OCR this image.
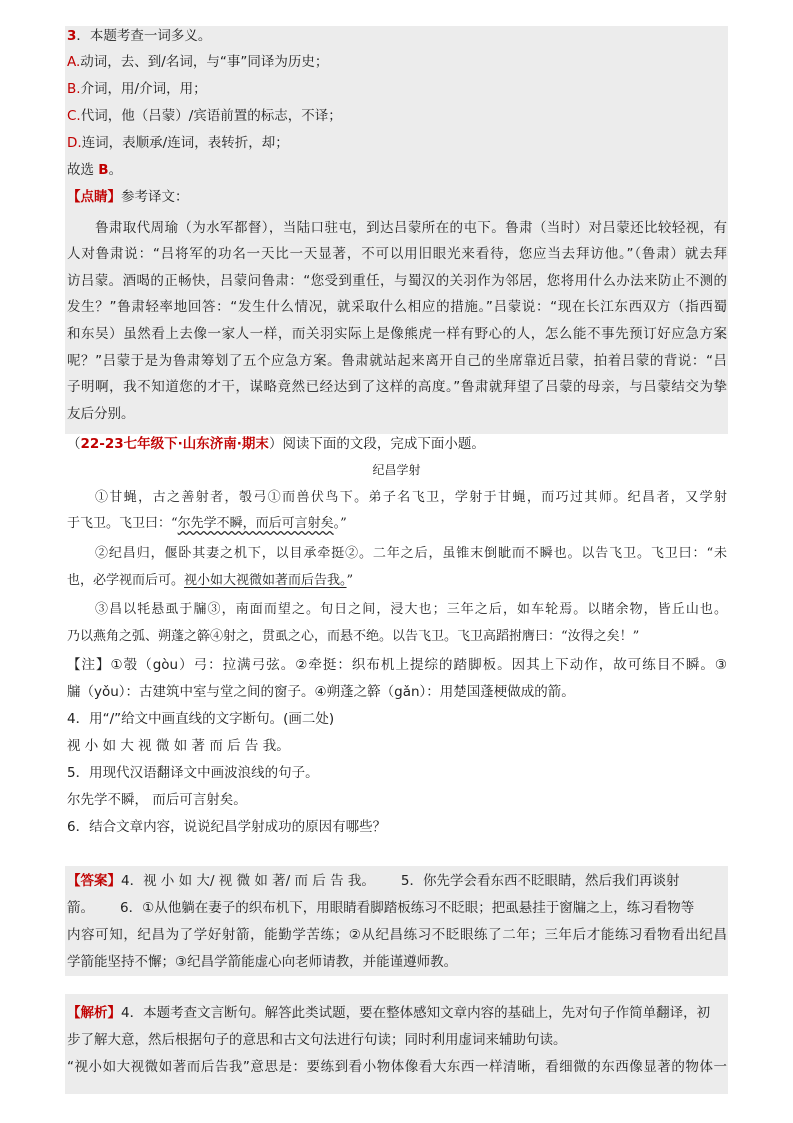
3．本题考查一词多义。
A.动词，去、到/名词，与“事”同译为历史；
B.介词，用/介词，用；
C.代词，他（吕蒙）/宾语前置的标志，不译；
D.连词，表顺承/连词，表转折，却；
故选 B。
【点睛】参考译文：
鲁肃取代周瑜（为水军都督），当陆口驻屯，到达吕蒙所在的屯下。鲁肃（当时）对吕蒙还比较轻视，有
人对鲁肃说：“吕将军的功名一天比一天显著，不可以用旧眼光来看待，您应当去拜访他。”（鲁肃）就去拜
访吕蒙。酒喝的正畅快，吕蒙问鲁肃：“您受到重任，与蜀汉的关羽作为邻居，您将用什么办法来防止不测的
发生？”鲁肃轻率地回答：“发生什么情况，就采取什么相应的措施。”吕蒙说：“现在长江东西双方（指西蜀
和东吴）虽然看上去像一家人一样，而关羽实际上是像熊虎一样有野心的人，怎么能不事先预订好应急方案
呢？”吕蒙于是为鲁肃筹划了五个应急方案。鲁肃就站起来离开自己的坐席靠近吕蒙，拍着吕蒙的背说：“吕
子明啊，我不知道您的才干，谋略竟然已经达到了这样的高度。”鲁肃就拜望了吕蒙的母亲，与吕蒙结交为挚
友后分别。
（22-23七年级下·山东济南·期末）阅读下面的文段，完成下面小题。
纪昌学射
①甘蝇，古之善射者，彀弓①而兽伏鸟下。弟子名飞卫，学射于甘蝇，而巧过其师。纪昌者，又学射
于飞卫。飞卫曰：“尔先学不瞬，而后可言射矣。”
②纪昌归，偃卧其妻之机下，以目承牵挺②。二年之后，虽锥末倒眦而不瞬也。以告飞卫。飞卫曰：“未
也，必学视而后可。视小如大视微如著而后告我。”
③昌以牦悬虱于牖③，南面而望之。旬日之间，浸大也；三年之后，如车轮焉。以睹余物，皆丘山也。
乃以燕角之弧、朔蓬之簳④射之，贯虱之心，而悬不绝。以告飞卫。飞卫高蹈拊膺曰：“汝得之矣！”
【注】①彀（gòu）弓：拉满弓弦。②牵挺：织布机上提综的踏脚板。因其上下动作，故可练目不瞬。③
牖（yǒu）：古建筑中室与堂之间的窗子。④朔蓬之簳（gǎn）：用楚国蓬梗做成的箭。
4．用“/”给文中画直线的文字断句。(画二处)
视 小 如 大 视 微 如 著 而 后 告 我。
5．用现代汉语翻译文中画波浪线的句子。
尔先学不瞬， 而后可言射矣。
6．结合文章内容，说说纪昌学射成功的原因有哪些？
【答案】4．视 小 如 大/ 视 微 如 著/ 而 后 告 我。 5．你先学会看东西不眨眼睛，然后我们再谈射
箭。 6．①从他躺在妻子的织布机下，用眼睛看脚踏板练习不眨眼；把虱悬挂于窗牖之上，练习看物等
内容可知，纪昌为了学好射箭，能勤学苦练；②从纪昌练习不眨眼练了二年；三年后才能练习看物看出纪昌
学箭能坚持不懈；③纪昌学箭能虚心向老师请教，并能谨遵师教。
【解析】4．本题考查文言断句。解答此类试题，要在整体感知文章内容的基础上，先对句子作简单翻译，初
步了解大意，然后根据句子的意思和古文句法进行句读；同时利用虚词来辅助句读。
“视小如大视微如著而后告我”意思是：要练到看小物体像看大东西一样清晰，看细微的东西像显著的物体一
